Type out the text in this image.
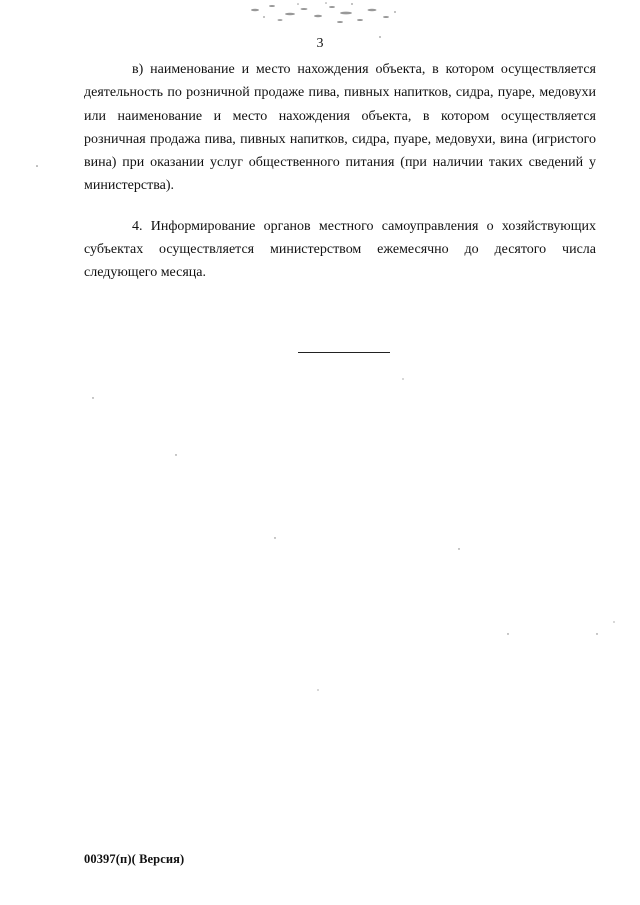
3

в) наименование и место нахождения объекта, в котором осуществляется деятельность по розничной продаже пива, пивных напитков, сидра, пуаре, медовухи или наименование и место нахождения объекта, в котором осуществляется розничная продажа пива, пивных напитков, сидра, пуаре, медовухи, вина (игристого вина) при оказании услуг общественного питания (при наличии таких сведений у министерства).

4. Информирование органов местного самоуправления о хозяйствующих субъектах осуществляется министерством ежемесячно до десятого числа следующего месяца.

00397(п)( Версия)
